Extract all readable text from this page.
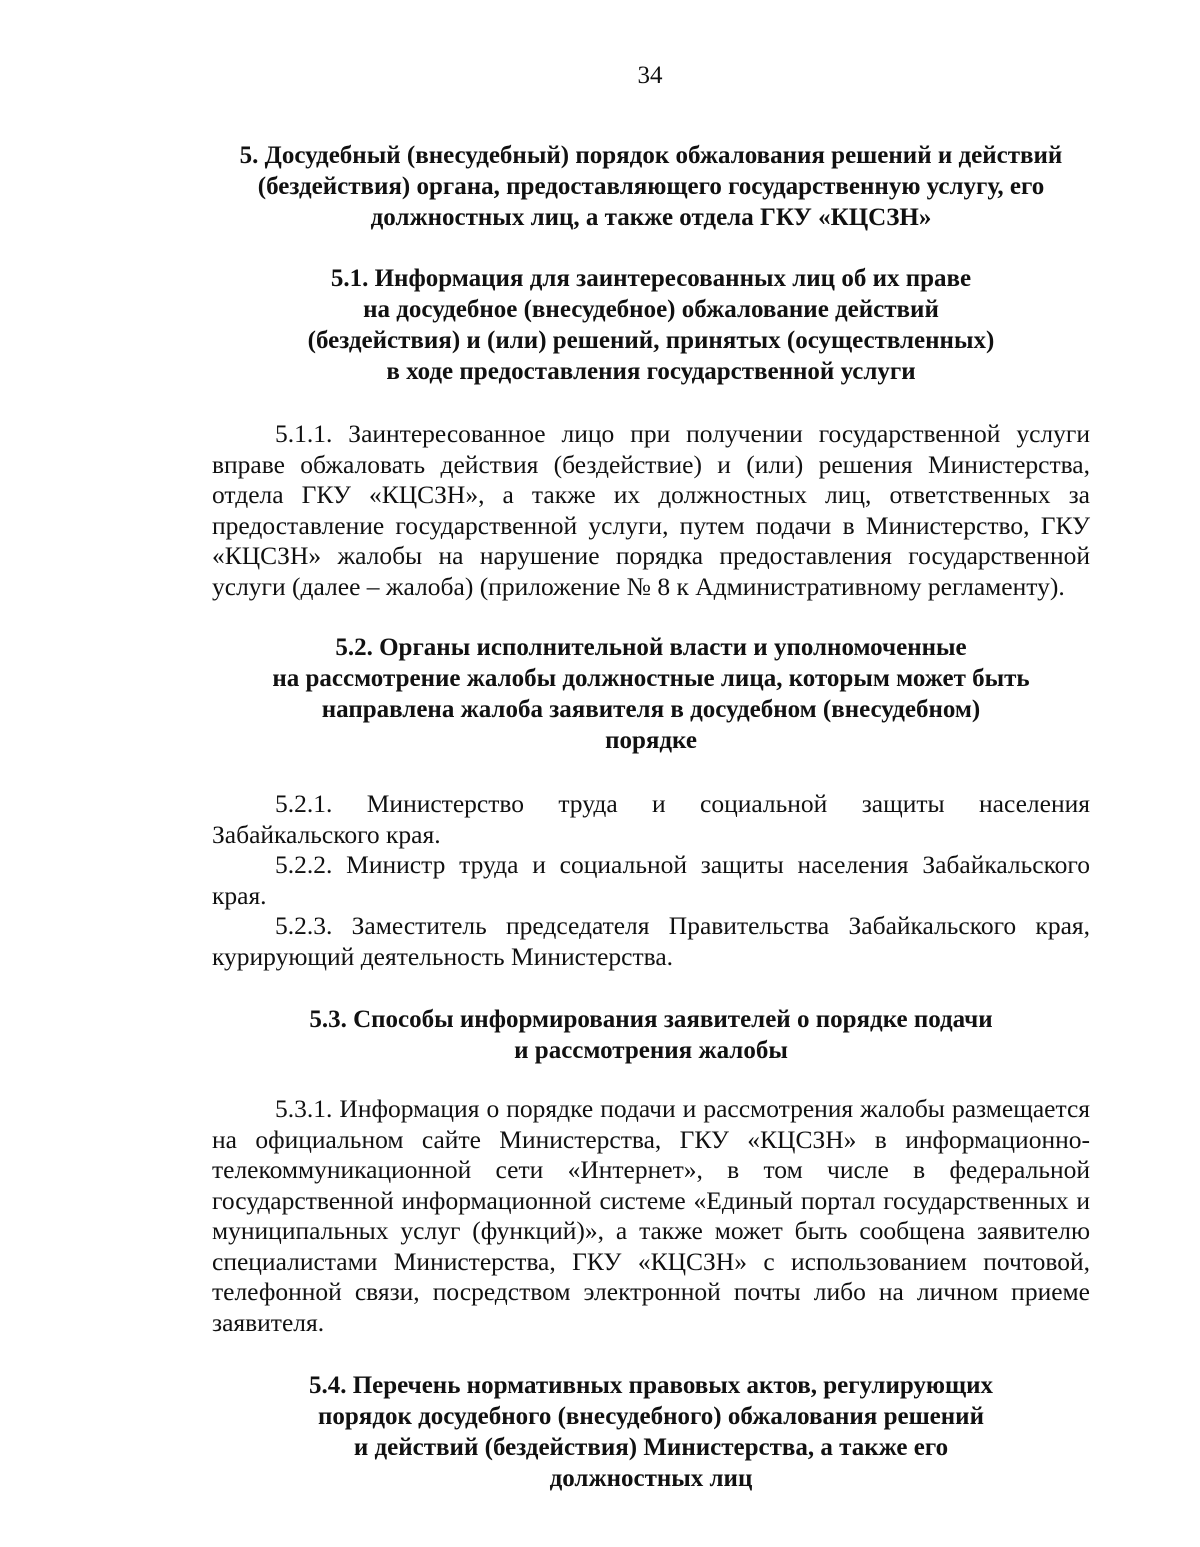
34
5. Досудебный (внесудебный) порядок обжалования решений и действий
(бездействия) органа, предоставляющего государственную услугу, его
должностных лиц, а также отдела ГКУ «КЦСЗН»
5.1. Информация для заинтересованных лиц об их праве
на досудебное (внесудебное) обжалование действий
(бездействия) и (или) решений, принятых (осуществленных)
в ходе предоставления государственной услуги

5.1.1. Заинтересованное лицо при получении государственной услуги вправе обжаловать действия (бездействие) и (или) решения Министерства, отдела ГКУ «КЦСЗН», а также их должностных лиц, ответственных за предоставление государственной услуги, путем подачи в Министерство, ГКУ «КЦСЗН» жалобы на нарушение порядка предоставления государственной услуги (далее – жалоба) (приложение № 8 к Административному регламенту).

5.2. Органы исполнительной власти и уполномоченные
на рассмотрение жалобы должностные лица, которым может быть
направлена жалоба заявителя в досудебном (внесудебном)
порядке

5.2.1. Министерство труда и социальной защиты населения Забайкальского края.

5.2.2. Министр труда и социальной защиты населения Забайкальского края.

5.2.3. Заместитель председателя Правительства Забайкальского края, курирующий деятельность Министерства.

5.3. Способы информирования заявителей о порядке подачи
и рассмотрения жалобы

5.3.1. Информация о порядке подачи и рассмотрения жалобы размещается на официальном сайте Министерства, ГКУ «КЦСЗН» в информационно-телекоммуникационной сети «Интернет», в том числе в федеральной государственной информационной системе «Единый портал государственных и муниципальных услуг (функций)», а также может быть сообщена заявителю специалистами Министерства, ГКУ «КЦСЗН» с использованием почтовой, телефонной связи, посредством электронной почты либо на личном приеме заявителя.

5.4. Перечень нормативных правовых актов, регулирующих
порядок досудебного (внесудебного) обжалования решений
и действий (бездействия) Министерства, а также его
должностных лиц
